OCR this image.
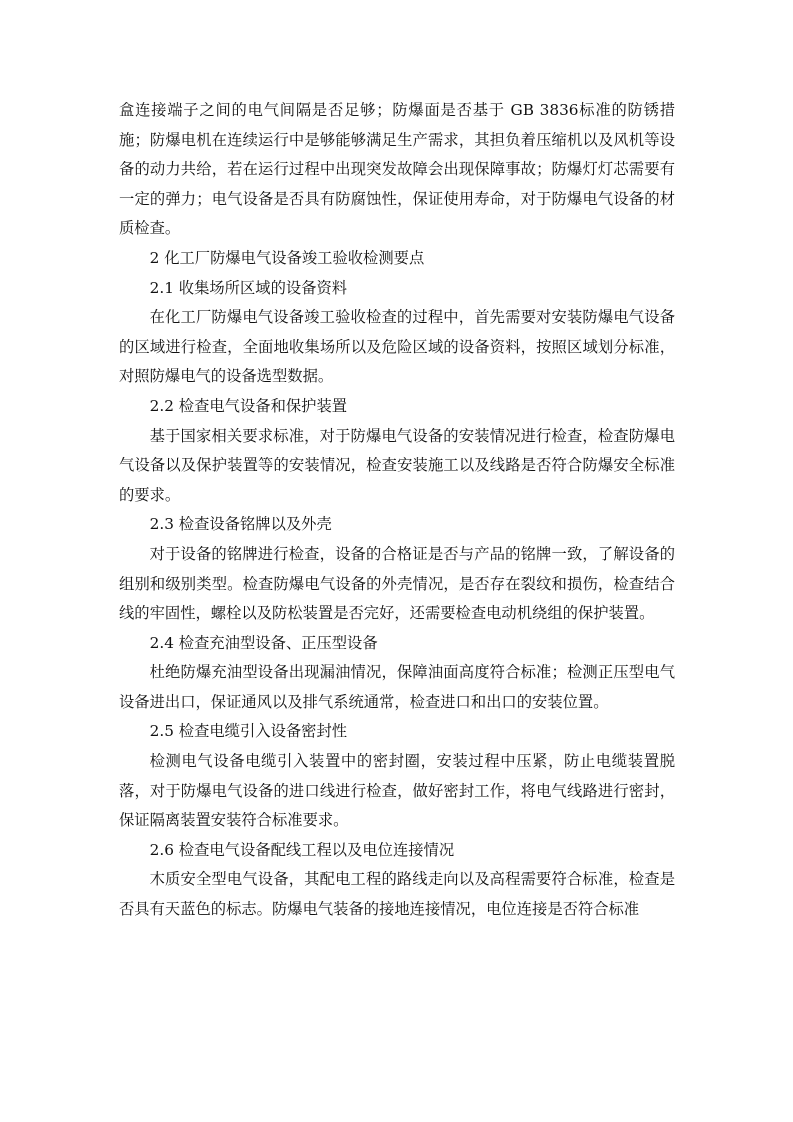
盒连接端子之间的电气间隔是否足够；防爆面是否基于 GB 3836标准的防锈措施；防爆电机在连续运行中是够能够满足生产需求，其担负着压缩机以及风机等设备的动力共给，若在运行过程中出现突发故障会出现保障事故；防爆灯灯芯需要有一定的弹力；电气设备是否具有防腐蚀性，保证使用寿命，对于防爆电气设备的材质检查。

2 化工厂防爆电气设备竣工验收检测要点

2.1 收集场所区域的设备资料

在化工厂防爆电气设备竣工验收检查的过程中，首先需要对安装防爆电气设备的区域进行检查，全面地收集场所以及危险区域的设备资料，按照区域划分标准，对照防爆电气的设备选型数据。

2.2 检查电气设备和保护装置

基于国家相关要求标准，对于防爆电气设备的安装情况进行检查，检查防爆电气设备以及保护装置等的安装情况，检查安装施工以及线路是否符合防爆安全标准的要求。

2.3 检查设备铭牌以及外壳

对于设备的铭牌进行检查，设备的合格证是否与产品的铭牌一致，了解设备的组别和级别类型。检查防爆电气设备的外壳情况，是否存在裂纹和损伤，检查结合线的牢固性，螺栓以及防松装置是否完好，还需要检查电动机绕组的保护装置。

2.4 检查充油型设备、正压型设备

杜绝防爆充油型设备出现漏油情况，保障油面高度符合标准；检测正压型电气设备进出口，保证通风以及排气系统通常，检查进口和出口的安装位置。

2.5 检查电缆引入设备密封性

检测电气设备电缆引入装置中的密封圈，安装过程中压紧，防止电缆装置脱落，对于防爆电气设备的进口线进行检查，做好密封工作，将电气线路进行密封，保证隔离装置安装符合标准要求。

2.6 检查电气设备配线工程以及电位连接情况

木质安全型电气设备，其配电工程的路线走向以及高程需要符合标准，检查是否具有天蓝色的标志。防爆电气装备的接地连接情况，电位连接是否符合标准
